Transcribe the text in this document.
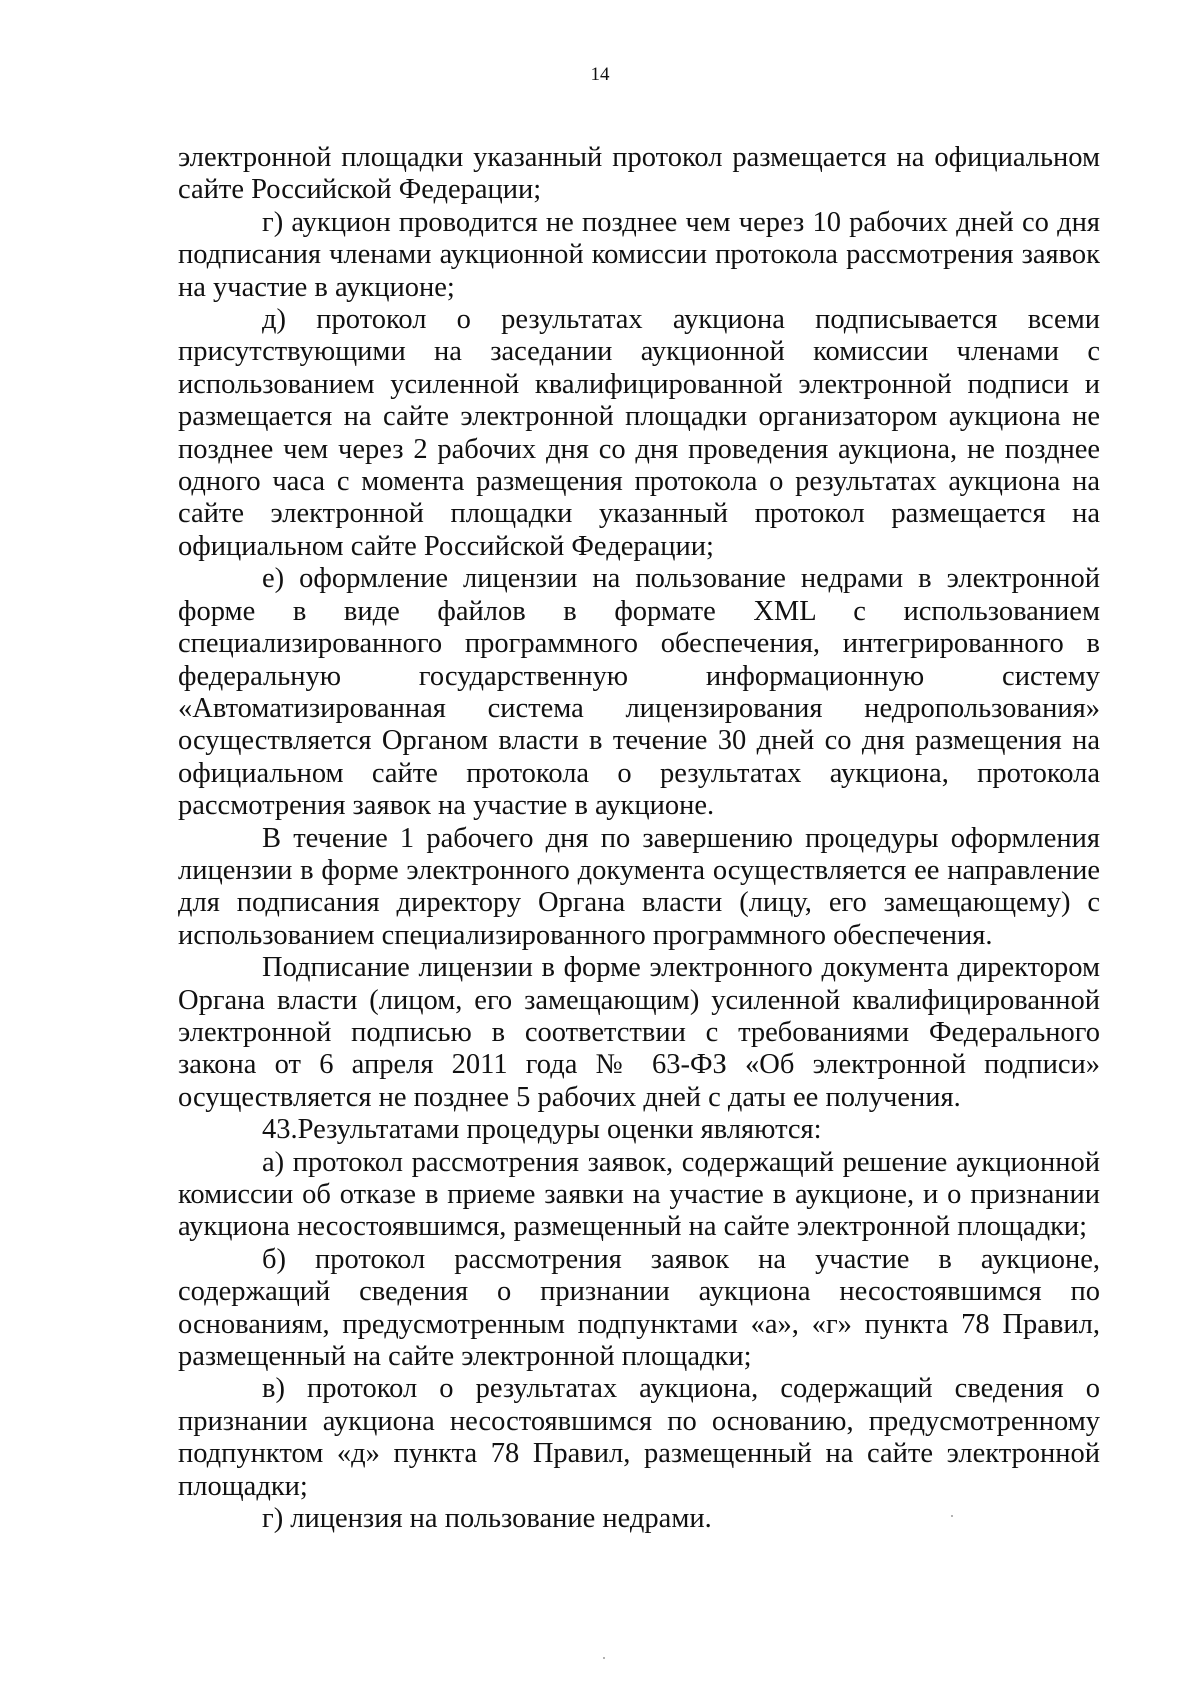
14

электронной площадки указанный протокол размещается на официальном сайте Российской Федерации;

г) аукцион проводится не позднее чем через 10 рабочих дней со дня подписания членами аукционной комиссии протокола рассмотрения заявок на участие в аукционе;

д) протокол о результатах аукциона подписывается всеми присутствующими на заседании аукционной комиссии членами с использованием усиленной квалифицированной электронной подписи и размещается на сайте электронной площадки организатором аукциона не позднее чем через 2 рабочих дня со дня проведения аукциона, не позднее одного часа с момента размещения протокола о результатах аукциона на сайте электронной площадки указанный протокол размещается на официальном сайте Российской Федерации;

е) оформление лицензии на пользование недрами в электронной форме в виде файлов в формате XML с использованием специализированного программного обеспечения, интегрированного в федеральную государственную информационную систему «Автоматизированная система лицензирования недропользования» осуществляется Органом власти в течение 30 дней со дня размещения на официальном сайте протокола о результатах аукциона, протокола рассмотрения заявок на участие в аукционе.

В течение 1 рабочего дня по завершению процедуры оформления лицензии в форме электронного документа осуществляется ее направление для подписания директору Органа власти (лицу, его замещающему) с использованием специализированного программного обеспечения.

Подписание лицензии в форме электронного документа директором Органа власти (лицом, его замещающим) усиленной квалифицированной электронной подписью в соответствии с требованиями Федерального закона от 6 апреля 2011 года № 63-ФЗ «Об электронной подписи» осуществляется не позднее 5 рабочих дней с даты ее получения.

43.Результатами процедуры оценки являются:

а) протокол рассмотрения заявок, содержащий решение аукционной комиссии об отказе в приеме заявки на участие в аукционе, и о признании аукциона несостоявшимся, размещенный на сайте электронной площадки;

б) протокол рассмотрения заявок на участие в аукционе, содержащий сведения о признании аукциона несостоявшимся по основаниям, предусмотренным подпунктами «а», «г» пункта 78 Правил, размещенный на сайте электронной площадки;

в) протокол о результатах аукциона, содержащий сведения о признании аукциона несостоявшимся по основанию, предусмотренному подпунктом «д» пункта 78 Правил, размещенный на сайте электронной площадки;

г) лицензия на пользование недрами.
